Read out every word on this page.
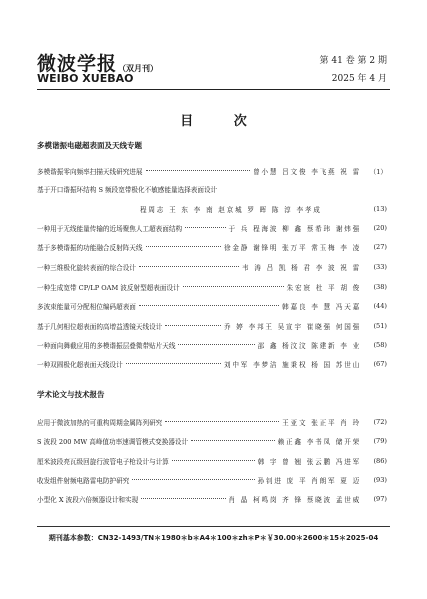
微波学报 （双月刊）
WEIBO XUEBAO
第 41 卷 第 2 期
2025 年 4 月
目 次
多模谐振电磁超表面及天线专题
多模谐振零向频率扫描天线研究进展	曾小慧 吕文俊 李飞燕 祝 雷	（1）
基于开口谐振环结构 S 频段宽带极化不敏感能量选择表面设计
程周志 王 东 李 南 赵京城 罗 晖 陈 淳 李孝成	(13)
一种用于无线能量传输的近场聚焦人工超表面结构	于 兵 程海波 柳 鑫 蔡希玮 谢炜强	(20)
基于多模谐振的功能融合反射阵天线	徐金静 谢锋明 张万平 常玉梅 李 凌	(27)
一种三维极化旋转表面的综合设计	韦 涛 吕 凯 杨 君 李 波 祝 雷	(33)
一种生成宽带 CP/LP OAM 波反射型超表面设计	朱宏宸 杜 平 胡 俊	(38)
多波束能量可分配相位编码超表面	韩嘉良 李 慧 冯天嘉	(44)
基于几何相位超表面的高增益透镜天线设计	乔 婷 李邦王 吴宣宇 崔晓强 何国强	(51)
一种面向舞截应用的多模谐振层叠微带贴片天线	邵 鑫 杨汶汶 陈建新 李 业	(58)
一种双圆极化超表面天线设计	刘中军 李梦洁 施秉权 杨 国 苏世山	(67)
学术论文与技术报告
应用于微波加热的可重构周期金属阵列研究	王亚文 张正平 肖 玲	(72)
S 波段 200 MW 高峰值功率速调管模式变换器设计	赖正鑫 李书凤 储开荣	(79)
厘米波段亮瓦级回旋行波管电子枪设计与计算	韩 宇 曾 翘 张云鹏 冯进军	(86)
收发组件射频电路雷电防护研究	孙钊进 庞 平 肖朗军 夏 迈	(93)
小型化 X 波段六倍频器设计和实现	肖 晶 柯鸣岗 齐 锋 蔡晓波 孟世威	(97)
期刊基本参数：CN32-1493/TN＊1980＊b＊A4＊100＊zh＊P＊￥30.00＊2600＊15＊2025-04
